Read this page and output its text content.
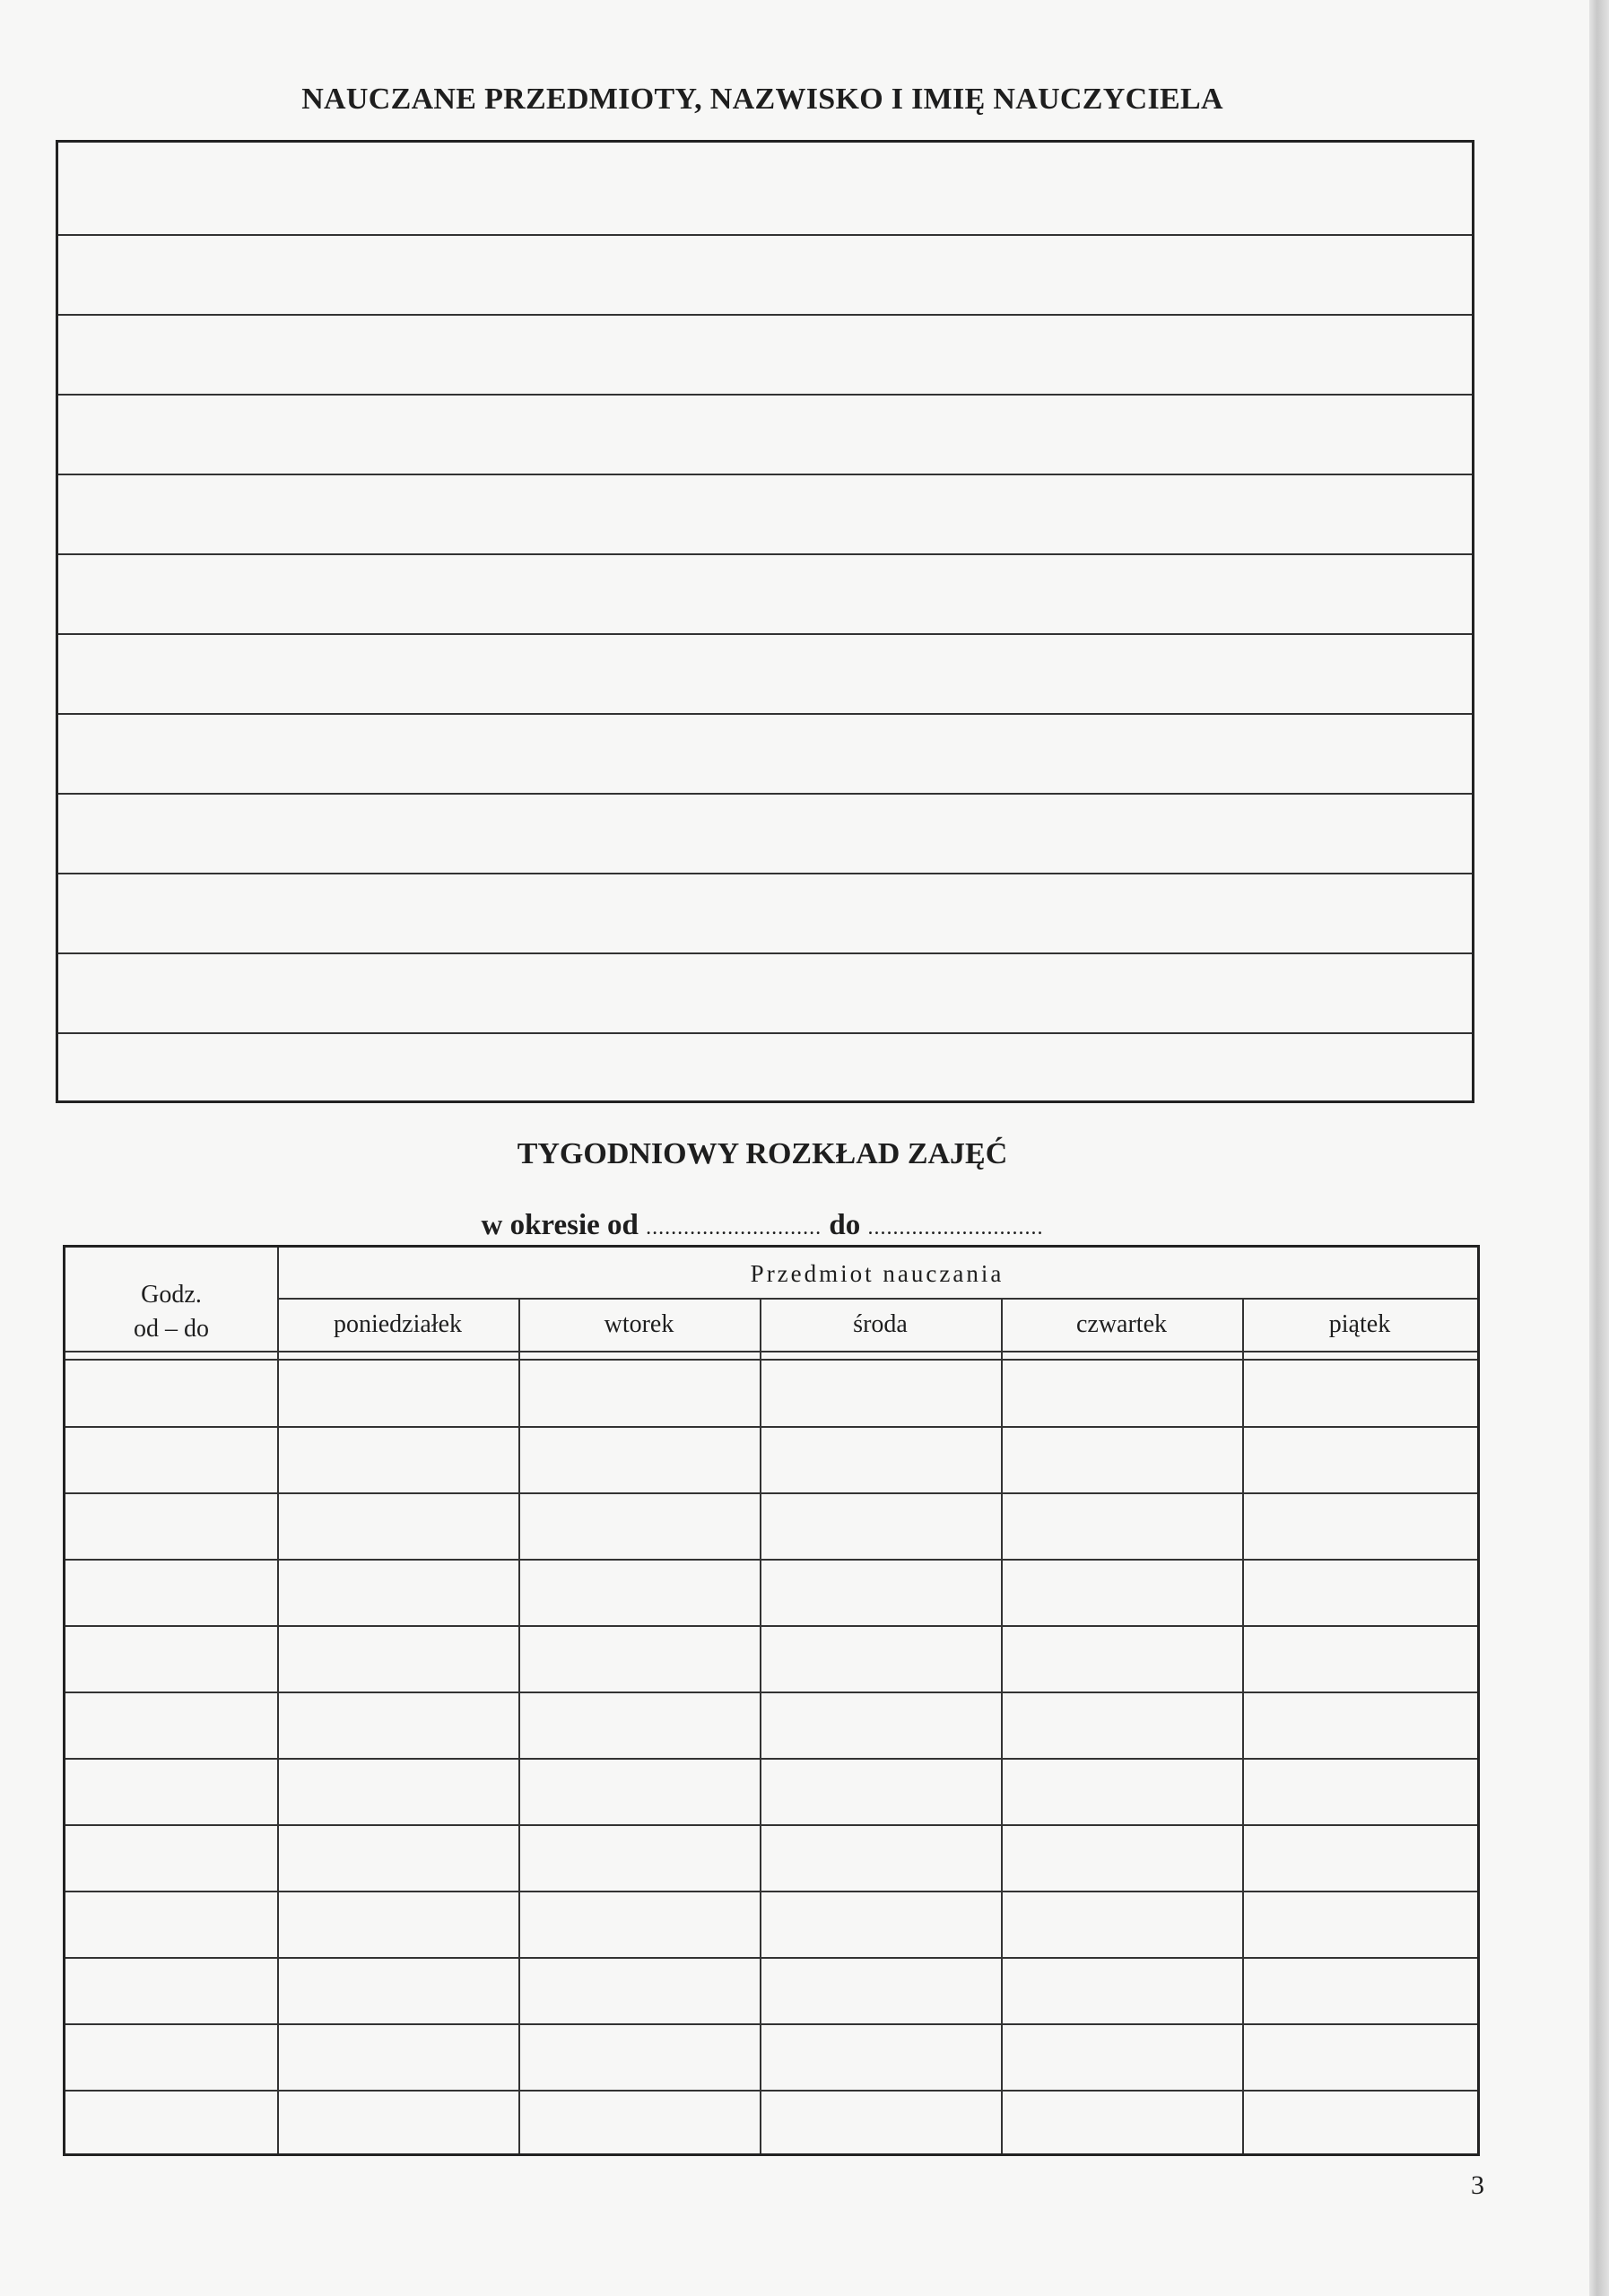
NAUCZANE PRZEDMIOTY, NAZWISKO I IMIĘ NAUCZYCIELA
TYGODNIOWY ROZKŁAD ZAJĘĆ
w okresie od ............................ do ............................
Godz.
od – do
Przedmiot nauczania
poniedziałek	wtorek	środa	czwartek	piątek
3
